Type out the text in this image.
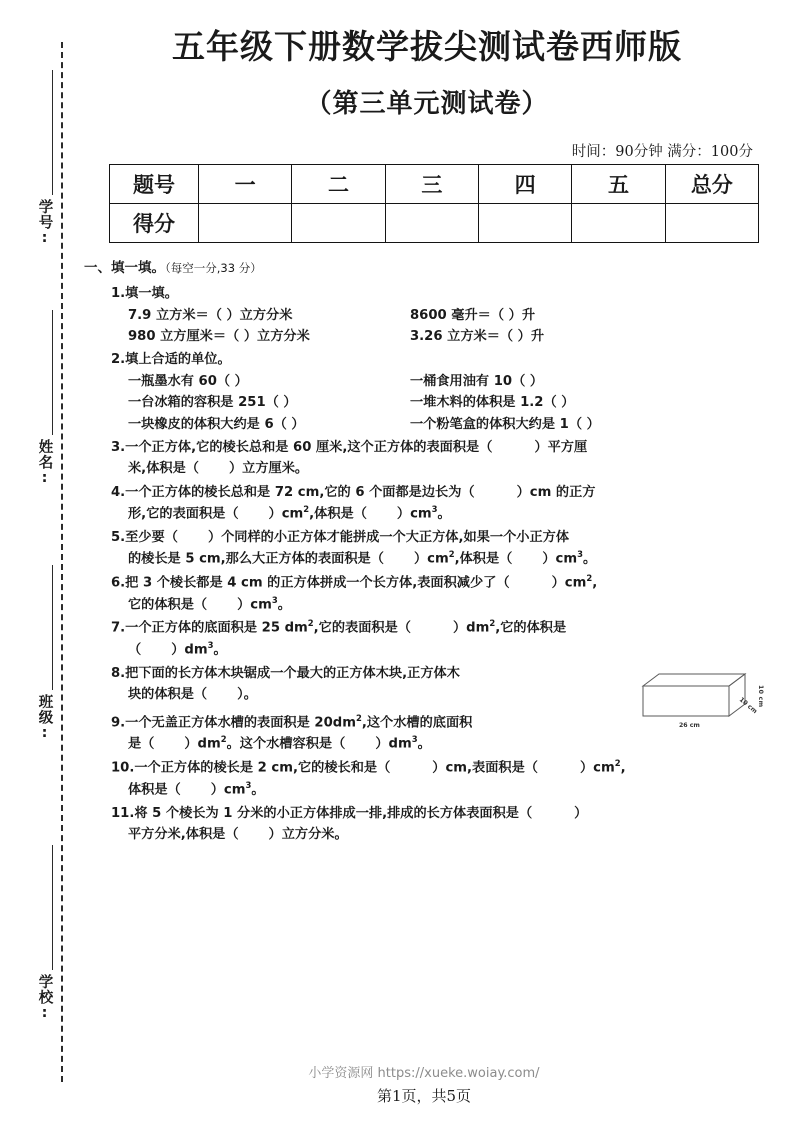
学号:
姓名:
班级:
学校:
五年级下册数学拔尖测试卷西师版
（第三单元测试卷）
时间：90分钟 满分：100分
题号	一	二	三	四	五	总分
得分						
一、填一填。（每空一分,33 分）
1.填一填。
7.9 立方米＝（ ）立方分米	8600 毫升＝（ ）升
980 立方厘米＝（ ）立方分米	3.26 立方米＝（ ）升
2.填上合适的单位。
一瓶墨水有 60（ ）	一桶食用油有 10（ ）
一台冰箱的容积是 251（ ）	一堆木料的体积是 1.2（ ）
一块橡皮的体积大约是 6（ ）	一个粉笔盒的体积大约是 1（ ）
3.一个正方体,它的棱长总和是 60 厘米,这个正方体的表面积是（	）平方厘
米,体积是（ ）立方厘米。
4.一个正方体的棱长总和是 72 cm,它的 6 个面都是边长为（	）cm 的正方
形,它的表面积是（ ）$cm^2$,体积是（ ）$cm^3$。
5.至少要（ ）个同样的小正方体才能拼成一个大正方体,如果一个小正方体
的棱长是 5 cm,那么大正方体的表面积是（ ）$cm^2$,体积是（ ）$cm^3$。
6.把 3 个棱长都是 4 cm 的正方体拼成一个长方体,表面积减少了（	）$cm^2$,
它的体积是（ ）$cm^3$。
7.一个正方体的底面积是 25 $dm^2$,它的表面积是（	）$dm^2$,它的体积是
（ ）$dm^3$。
8.把下面的长方体木块锯成一个最大的正方体木块,正方体木
块的体积是（ ）。
26 cm
10 cm
10 cm
9.一个无盖正方体水槽的表面积是 $20dm^2$,这个水槽的底面积
是（ ）$dm^2$。这个水槽容积是（ ）$dm^3$。
10.一个正方体的棱长是 2 cm,它的棱长和是（	）cm,表面积是（	）$cm^2$,
体积是（ ）$cm^3$。
11.将 5 个棱长为 1 分米的小正方体排成一排,排成的长方体表面积是（	）
平方分米,体积是（ ）立方分米。
小学资源网 https://xueke.woiay.com/
第1页，共5页
